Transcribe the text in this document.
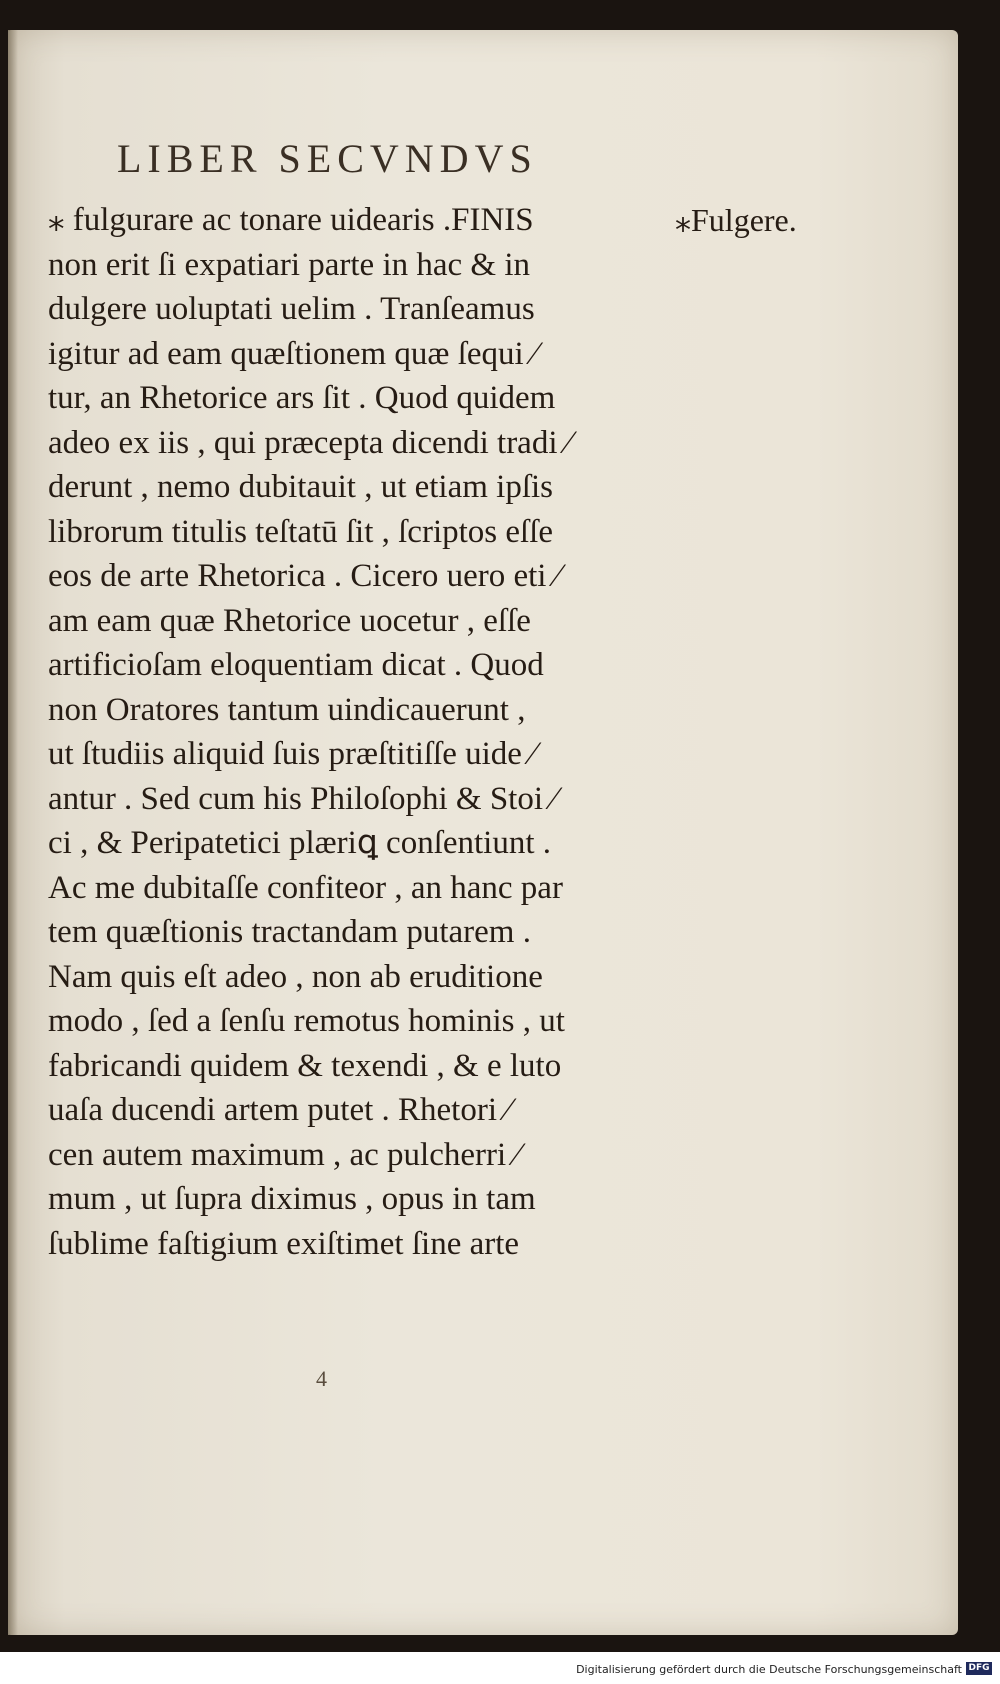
LIBER SECVNDVS
⁎ fulgurare ac tonare uidearis .FINIS
non erit ſi expatiari parte in hac & in
dulgere uoluptati uelim . Tranſeamus
igitur ad eam quæſtionem quæ ſequi ⁄
tur, an Rhetorice ars ſit . Quod quidem
adeo ex iis , qui præcepta dicendi tradi ⁄
derunt , nemo dubitauit , ut etiam ipſis
librorum titulis teſtatū ſit , ſcriptos eſſe
eos de arte Rhetorica . Cicero uero eti ⁄
am eam quæ Rhetorice uocetur , eſſe
artificioſam eloquentiam dicat . Quod
non Oratores tantum uindicauerunt ,
ut ſtudiis aliquid ſuis præſtitiſſe uide ⁄
antur . Sed cum his Philoſophi & Stoi ⁄
ci , & Peripatetici plæriꝗ conſentiunt .
Ac me dubitaſſe confiteor , an hanc par
tem quæſtionis tractandam putarem .
Nam quis eſt adeo , non ab eruditione
modo , ſed a ſenſu remotus hominis , ut
fabricandi quidem & texendi , & e luto
uaſa ducendi artem putet . Rhetori ⁄
cen autem maximum , ac pulcherri ⁄
mum , ut ſupra diximus , opus in tam
ſublime faſtigium exiſtimet ſine arte
⁎Fulgere.
4
Digitalisierung gefördert durch die Deutsche Forschungsgemeinschaft DFG
